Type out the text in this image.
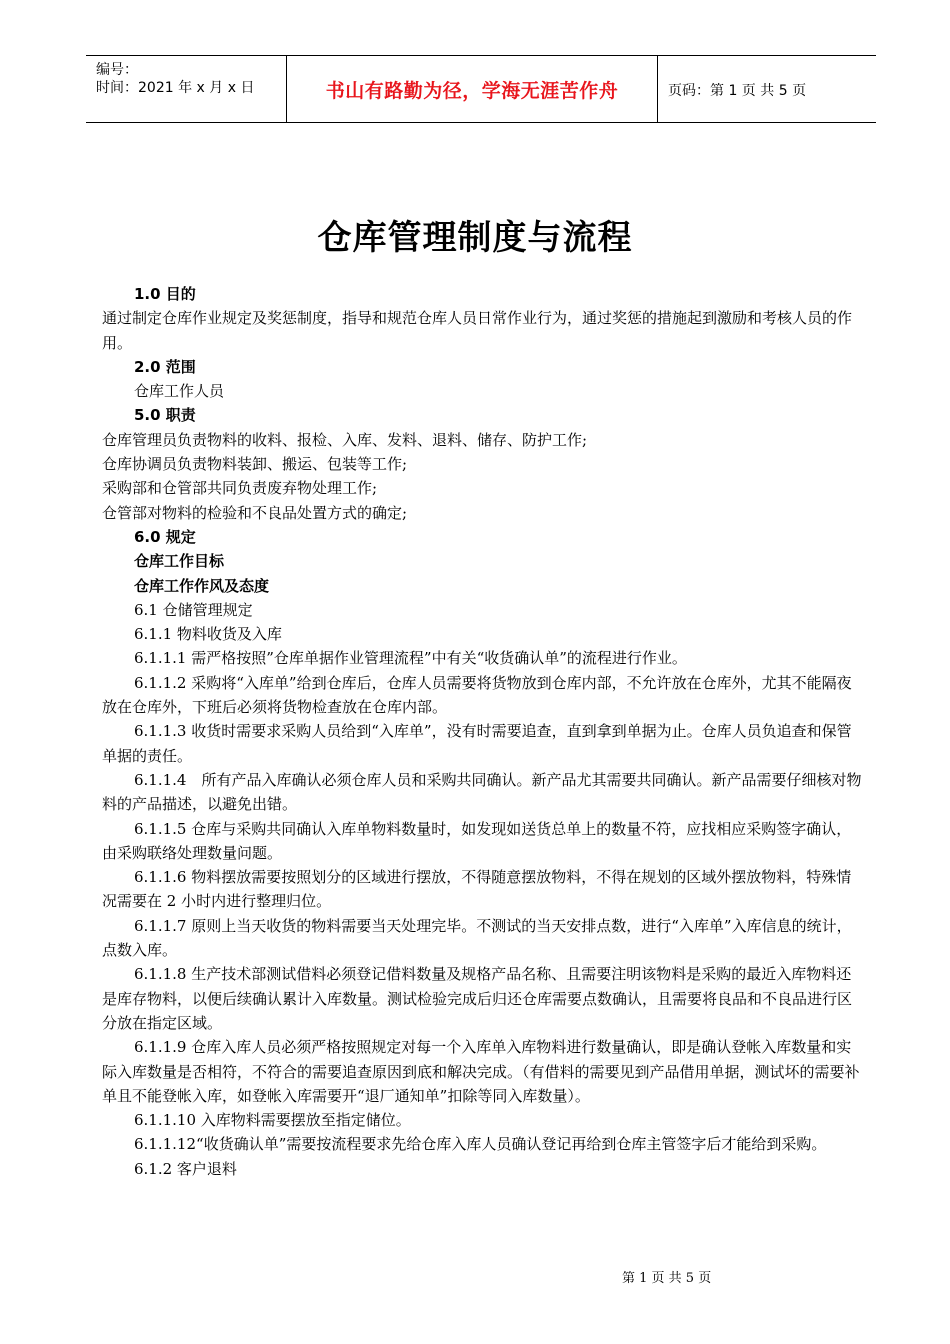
编号：
时间：2021 年 x 月 x 日	书山有路勤为径，学海无涯苦作舟	页码：第 1 页 共 5 页
仓库管理制度与流程

1.0 目的

通过制定仓库作业规定及奖惩制度，指导和规范仓库人员日常作业行为，通过奖惩的措施起到激励和考核人员的作用。

2.0 范围

仓库工作人员

5.0 职责

仓库管理员负责物料的收料、报检、入库、发料、退料、储存、防护工作;

仓库协调员负责物料装卸、搬运、包装等工作;

采购部和仓管部共同负责废弃物处理工作;

仓管部对物料的检验和不良品处置方式的确定;

6.0 规定

仓库工作目标

仓库工作作风及态度

6.1 仓储管理规定

6.1.1 物料收货及入库

6.1.1.1 需严格按照”仓库单据作业管理流程”中有关“收货确认单”的流程进行作业。

6.1.1.2 采购将“入库单”给到仓库后，仓库人员需要将货物放到仓库内部，不允许放在仓库外，尤其不能隔夜放在仓库外，下班后必须将货物检查放在仓库内部。

6.1.1.3 收货时需要求采购人员给到“入库单”，没有时需要追查，直到拿到单据为止。仓库人员负追查和保管单据的责任。

6.1.1.4　所有产品入库确认必须仓库人员和采购共同确认。新产品尤其需要共同确认。新产品需要仔细核对物料的产品描述，以避免出错。

6.1.1.5 仓库与采购共同确认入库单物料数量时，如发现如送货总单上的数量不符，应找相应采购签字确认，由采购联络处理数量问题。

6.1.1.6 物料摆放需要按照划分的区域进行摆放，不得随意摆放物料，不得在规划的区域外摆放物料，特殊情况需要在 2 小时内进行整理归位。

6.1.1.7 原则上当天收货的物料需要当天处理完毕。不测试的当天安排点数，进行“入库单”入库信息的统计，点数入库。

6.1.1.8 生产技术部测试借料必须登记借料数量及规格产品名称、且需要注明该物料是采购的最近入库物料还是库存物料，以便后续确认累计入库数量。测试检验完成后归还仓库需要点数确认，且需要将良品和不良品进行区分放在指定区域。

6.1.1.9 仓库入库人员必须严格按照规定对每一个入库单入库物料进行数量确认，即是确认登帐入库数量和实际入库数量是否相符，不符合的需要追查原因到底和解决完成。（有借料的需要见到产品借用单据，测试坏的需要补单且不能登帐入库，如登帐入库需要开“退厂通知单”扣除等同入库数量）。

6.1.1.10 入库物料需要摆放至指定储位。

6.1.1.12“收货确认单”需要按流程要求先给仓库入库人员确认登记再给到仓库主管签字后才能给到采购。

6.1.2 客户退料

第 1 页 共 5 页
